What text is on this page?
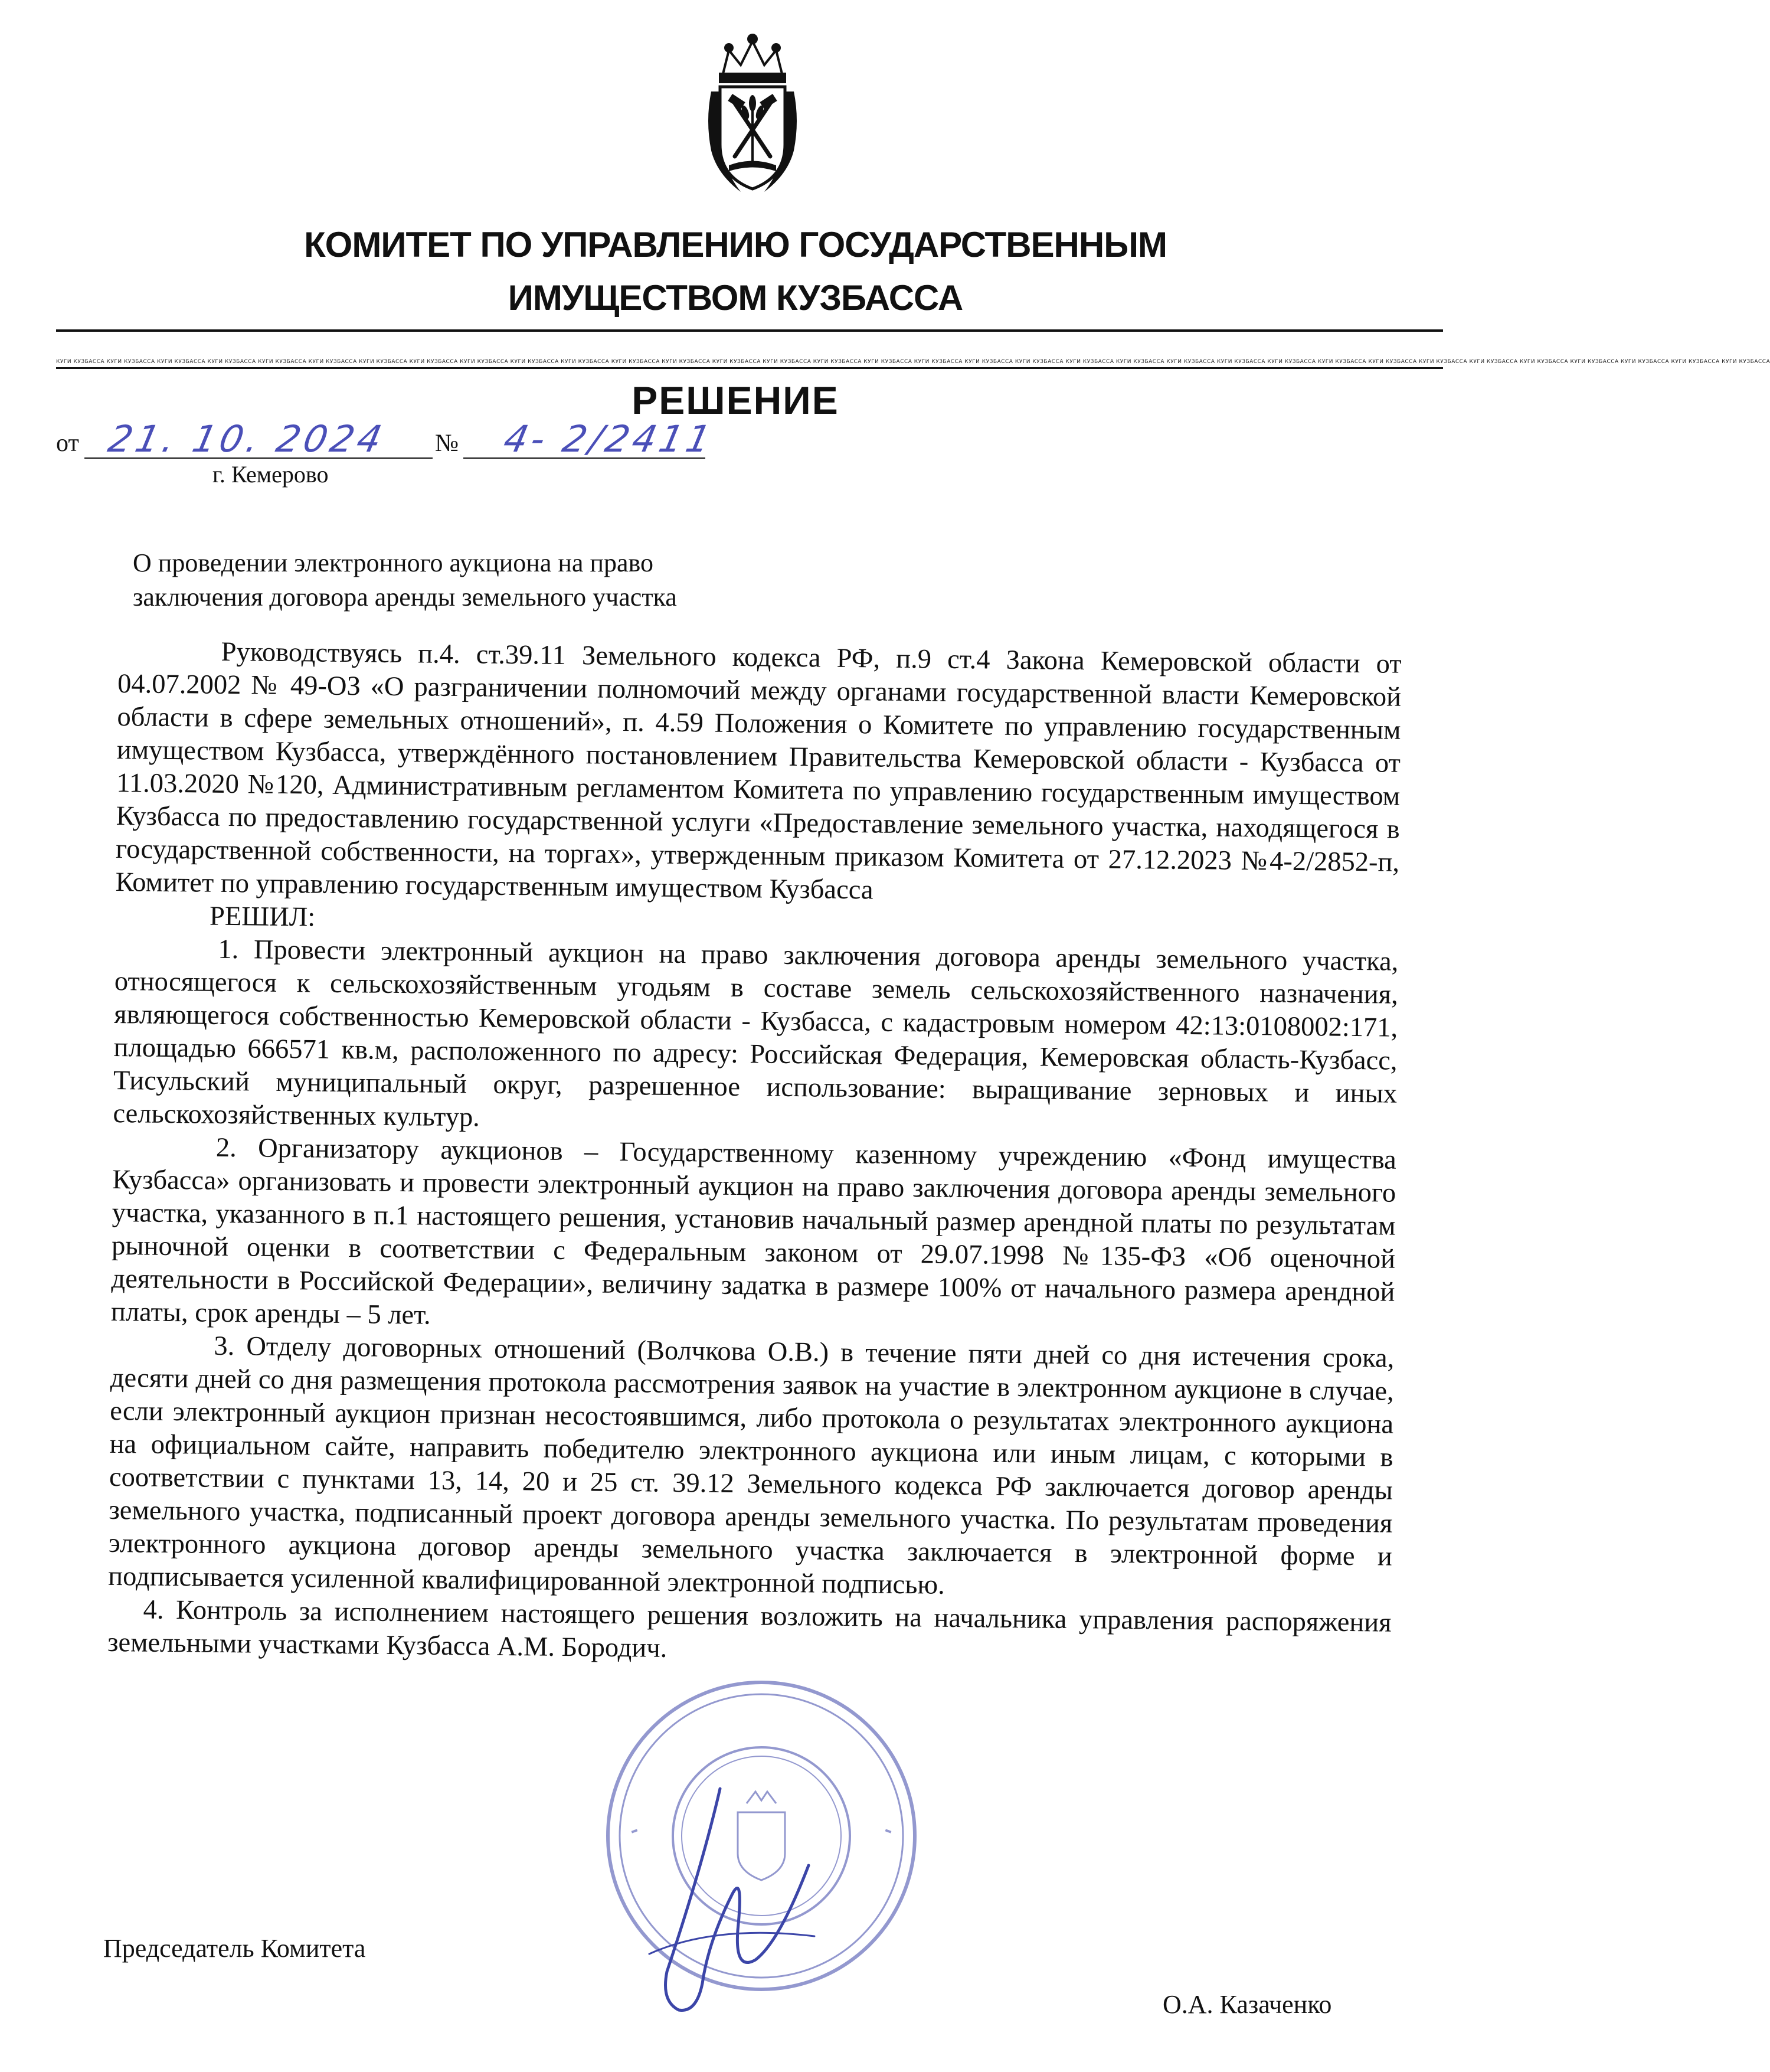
КОМИТЕТ ПО УПРАВЛЕНИЮ ГОСУДАРСТВЕННЫМ
ИМУЩЕСТВОМ КУЗБАССА
КУГИ КУЗБАССА КУГИ КУЗБАССА КУГИ КУЗБАССА КУГИ КУЗБАССА КУГИ КУЗБАССА КУГИ КУЗБАССА КУГИ КУЗБАССА КУГИ КУЗБАССА КУГИ КУЗБАССА КУГИ КУЗБАССА КУГИ КУЗБАССА КУГИ КУЗБАССА КУГИ КУЗБАССА КУГИ КУЗБАССА КУГИ КУЗБАССА КУГИ КУЗБАССА КУГИ КУЗБАССА КУГИ КУЗБАССА КУГИ КУЗБАССА КУГИ КУЗБАССА КУГИ КУЗБАССА КУГИ КУЗБАССА КУГИ КУЗБАССА КУГИ КУЗБАССА КУГИ КУЗБАССА КУГИ КУЗБАССА КУГИ КУЗБАССА КУГИ КУЗБАССА КУГИ КУЗБАССА КУГИ КУЗБАССА КУГИ КУЗБАССА КУГИ КУЗБАССА КУГИ КУЗБАССА КУГИ КУЗБАССА
РЕШЕНИЕ
от 21. 10. 2024 № 4- 2/2411
г. Кемерово
О проведении электронного аукциона на право
заключения договора аренды земельного участка

Руководствуясь п.4. ст.39.11 Земельного кодекса РФ, п.9 ст.4 Закона Кемеровской области от 04.07.2002 № 49-ОЗ «О разграничении полномочий между органами государственной власти Кемеровской области в сфере земельных отношений», п. 4.59 Положения о Комитете по управлению государственным имуществом Кузбасса, утверждённого постановлением Правительства Кемеровской области - Кузбасса от 11.03.2020 №120, Административным регламентом Комитета по управлению государственным имуществом Кузбасса по предоставлению государственной услуги «Предоставление земельного участка, находящегося в государственной собственности, на торгах», утвержденным приказом Комитета от 27.12.2023 №4-2/2852-п, Комитет по управлению государственным имуществом Кузбасса

РЕШИЛ:

1. Провести электронный аукцион на право заключения договора аренды земельного участка, относящегося к сельскохозяйственным угодьям в составе земель сельскохозяйственного назначения, являющегося собственностью Кемеровской области - Кузбасса, с кадастровым номером 42:13:0108002:171, площадью 666571 кв.м, расположенного по адресу: Российская Федерация, Кемеровская область-Кузбасс, Тисульский муниципальный округ, разрешенное использование: выращивание зерновых и иных сельскохозяйственных культур.

2. Организатору аукционов – Государственному казенному учреждению «Фонд имущества Кузбасса» организовать и провести электронный аукцион на право заключения договора аренды земельного участка, указанного в п.1 настоящего решения, установив начальный размер арендной платы по результатам рыночной оценки в соответствии с Федеральным законом от 29.07.1998 №135-ФЗ «Об оценочной деятельности в Российской Федерации», величину задатка в размере 100% от начального размера арендной платы, срок аренды – 5 лет.

3. Отделу договорных отношений (Волчкова О.В.) в течение пяти дней со дня истечения срока, десяти дней со дня размещения протокола рассмотрения заявок на участие в электронном аукционе в случае, если электронный аукцион признан несостоявшимся, либо протокола о результатах электронного аукциона на официальном сайте, направить победителю электронного аукциона или иным лицам, с которыми в соответствии с пунктами 13, 14, 20 и 25 ст. 39.12 Земельного кодекса РФ заключается договор аренды земельного участка, подписанный проект договора аренды земельного участка. По результатам проведения электронного аукциона договор аренды земельного участка заключается в электронной форме и подписывается усиленной квалифицированной электронной подписью.

4. Контроль за исполнением настоящего решения возложить на начальника управления распоряжения земельными участками Кузбасса А.М. Бородич.

Председатель Комитета
О.А. Казаченко
